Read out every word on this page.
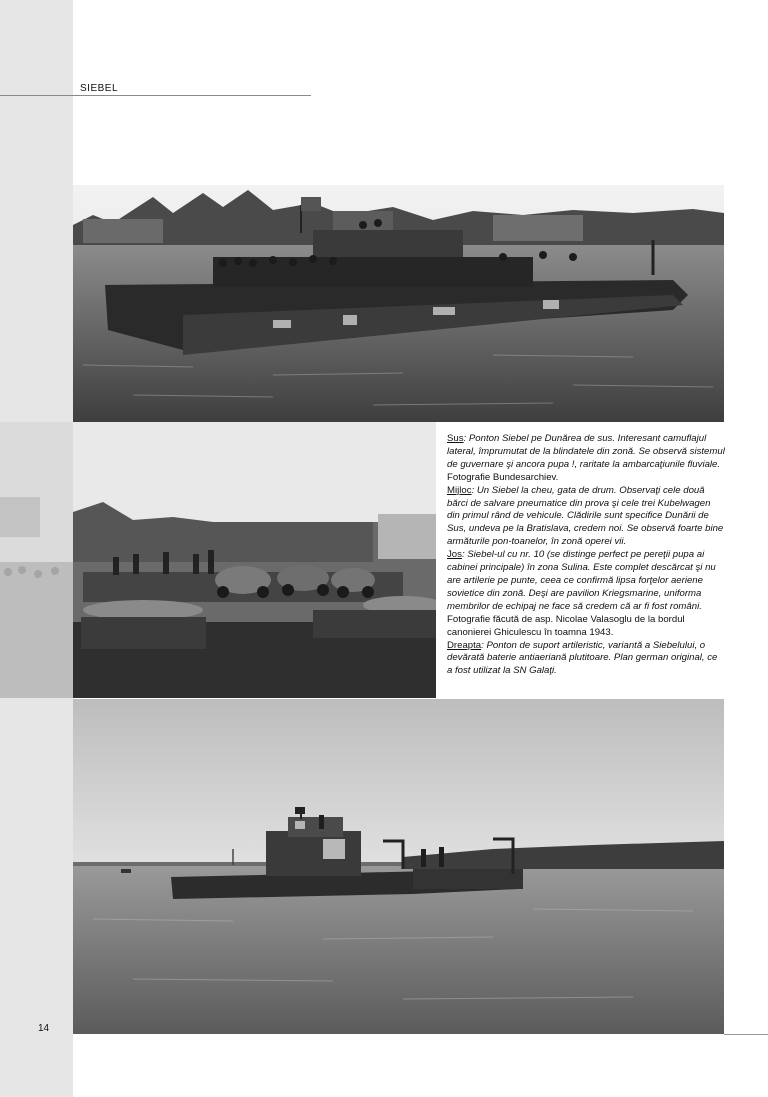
SIEBEL
Sus: Ponton Siebel pe Dunărea de sus. Interesant camuflajul lateral, împrumutat de la blindatele din zonă. Se observă sistemul de guvernare şi ancora pupa !, raritate la ambarcaţiunile fluviale.
Fotografie Bundesarchiev.
Mijloc: Un Siebel la cheu, gata de drum. Observaţi cele două bărci de salvare pneumatice din prova şi cele trei Kubelwagen din primul rând de vehicule. Clădirile sunt specifice Dunării de Sus, undeva pe la Bratislava, credem noi. Se observă foarte bine armăturile pon-toanelor, în zonă operei vii.
Jos: Siebel-ul cu nr. 10 (se distinge perfect pe pereţii pupa ai cabinei principale) în zona Sulina. Este complet descărcat şi nu are artilerie pe punte, ceea ce confirmă lipsa forţelor aeriene sovietice din zonă. Deşi are pavilion Kriegsmarine, uniforma membrilor de echipaj ne face să credem că ar fi fost români.
Fotografie făcută de asp. Nicolae Valasoglu de la bordul canonierei Ghiculescu în toamna 1943.
Dreapta: Ponton de suport artileristic, variantă a Siebelului, o devărată baterie antiaeriană plutitoare. Plan german original, ce a fost utilizat la SN Galaţi.
14
